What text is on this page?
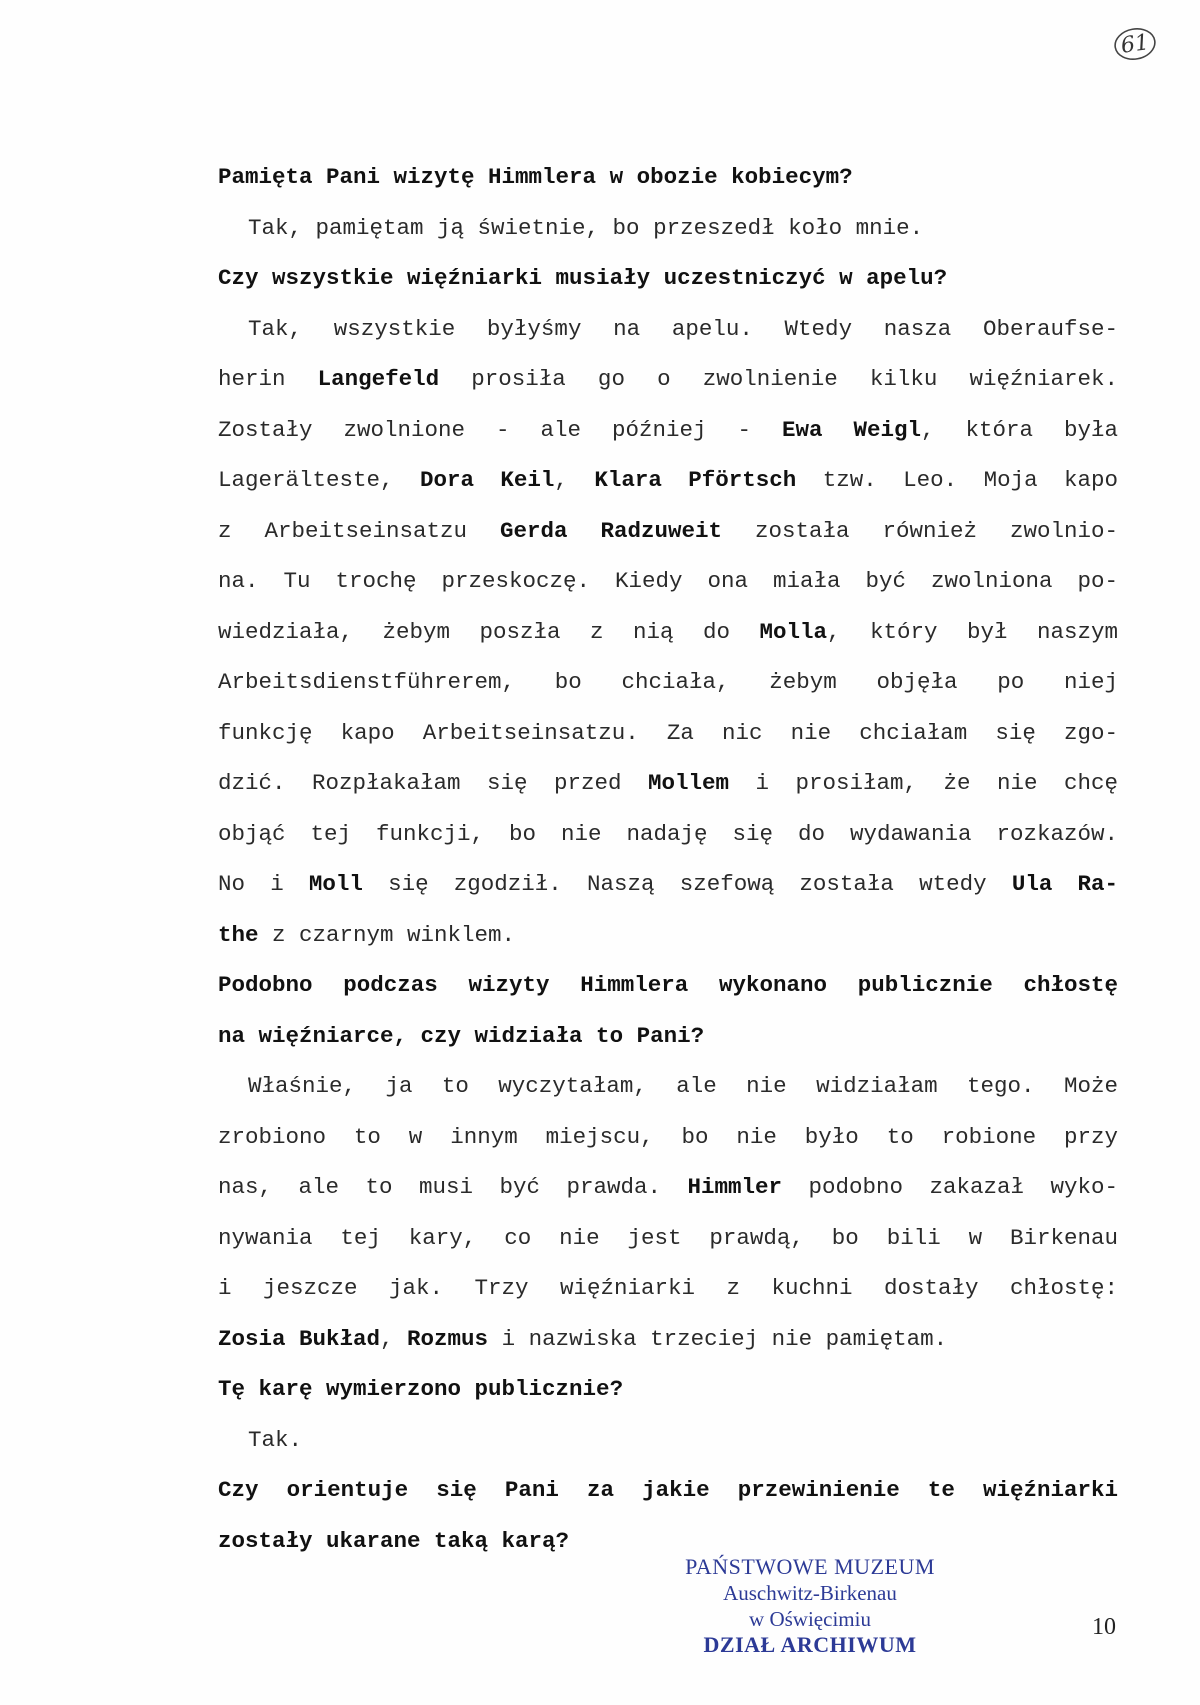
61
Pamięta Pani wizytę Himmlera w obozie kobiecym?
Tak, pamiętam ją świetnie, bo przeszedł koło mnie.
Czy wszystkie więźniarki musiały uczestniczyć w apelu?
Tak, wszystkie byłyśmy na apelu. Wtedy nasza Oberaufse-
herin Langefeld prosiła go o zwolnienie kilku więźniarek.
Zostały zwolnione - ale później - Ewa Weigl, która była
Lagerälteste, Dora Keil, Klara Pförtsch tzw. Leo. Moja kapo
z Arbeitseinsatzu Gerda Radzuweit została również zwolnio-
na. Tu trochę przeskoczę. Kiedy ona miała być zwolniona po-
wiedziała, żebym poszła z nią do Molla, który był naszym
Arbeitsdienstführerem, bo chciała, żebym objęła po niej
funkcję kapo Arbeitseinsatzu. Za nic nie chciałam się zgo-
dzić. Rozpłakałam się przed Mollem i prosiłam, że nie chcę
objąć tej funkcji, bo nie nadaję się do wydawania rozkazów.
No i Moll się zgodził. Naszą szefową została wtedy Ula Ra-
the z czarnym winklem.
Podobno podczas wizyty Himmlera wykonano publicznie chłostę
na więźniarce, czy widziała to Pani?
Właśnie, ja to wyczytałam, ale nie widziałam tego. Może
zrobiono to w innym miejscu, bo nie było to robione przy
nas, ale to musi być prawda. Himmler podobno zakazał wyko-
nywania tej kary, co nie jest prawdą, bo bili w Birkenau
i jeszcze jak. Trzy więźniarki z kuchni dostały chłostę:
Zosia Bukład, Rozmus i nazwiska trzeciej nie pamiętam.
Tę karę wymierzono publicznie?
Tak.
Czy orientuje się Pani za jakie przewinienie te więźniarki
zostały ukarane taką karą?
PAŃSTWOWE MUZEUM
Auschwitz-Birkenau
w Oświęcimiu
DZIAŁ ARCHIWUM
10
